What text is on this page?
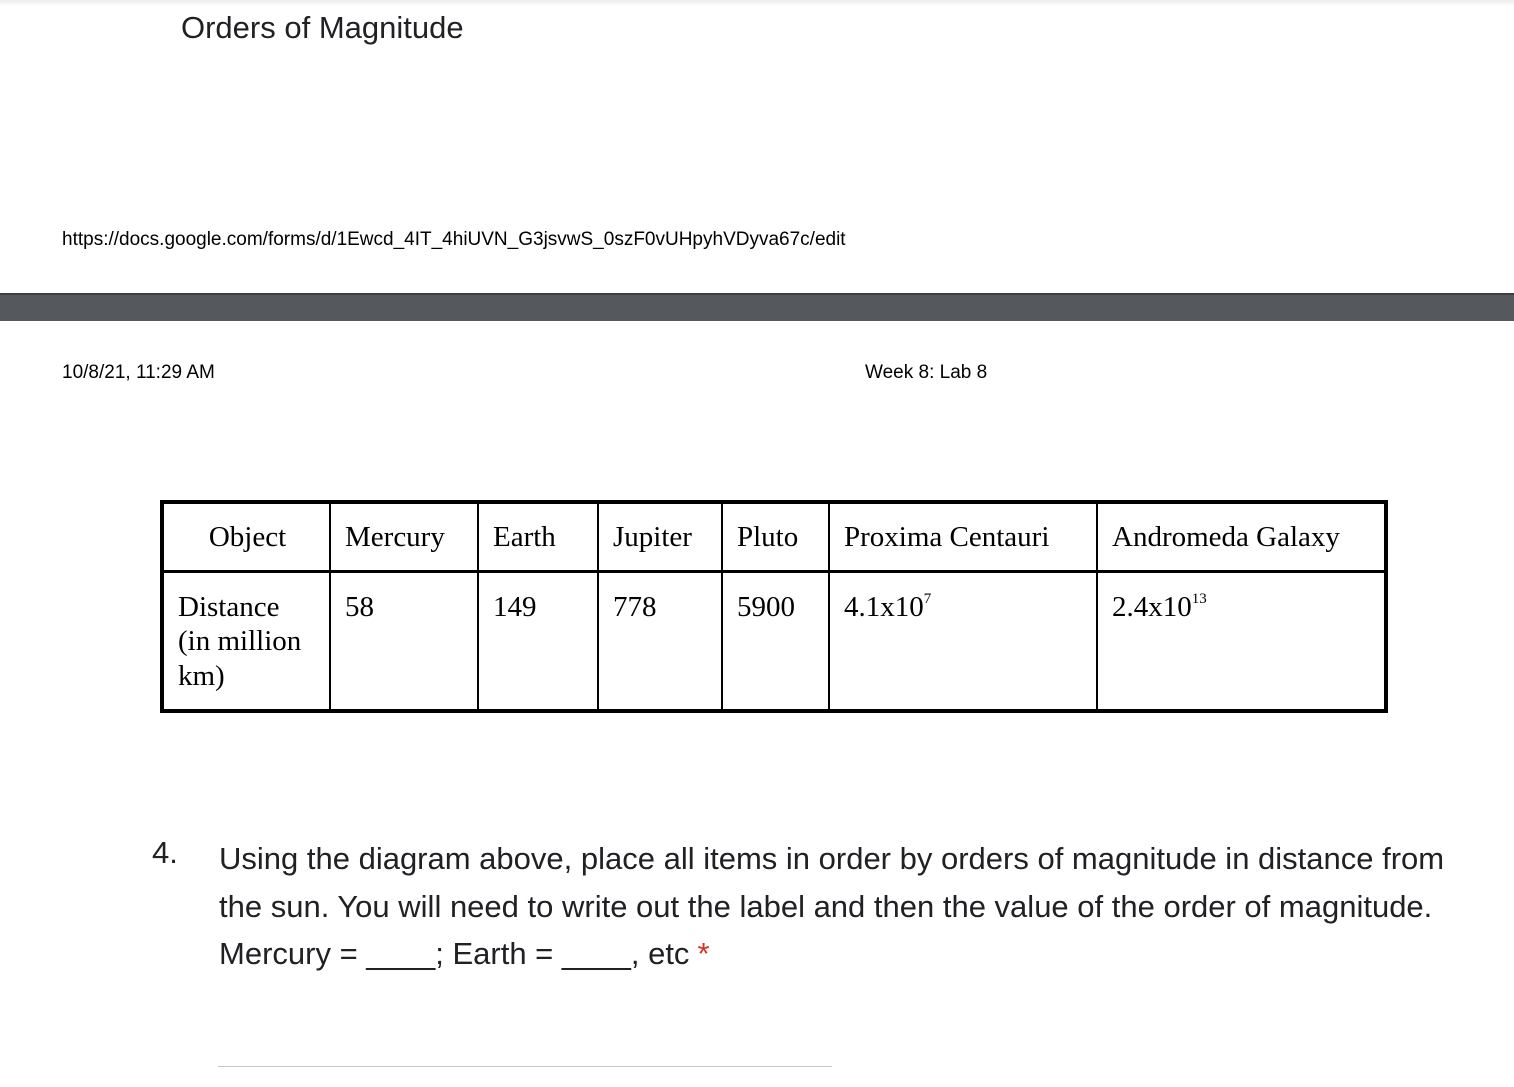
Orders of Magnitude
https://docs.google.com/forms/d/1Ewcd_4IT_4hiUVN_G3jsvwS_0szF0vUHpyhVDyva67c/edit
10/8/21, 11:29 AM	Week 8: Lab 8
Object	Mercury	Earth	Jupiter	Pluto	Proxima Centauri	Andromeda Galaxy
Distance (in million km)	58	149	778	5900	$4.1x10^7$	$2.4x10^{13}$
4. Using the diagram above, place all items in order by orders of magnitude in distance from the sun. You will need to write out the label and then the value of the order of magnitude. Mercury = ____; Earth = ____, etc *
